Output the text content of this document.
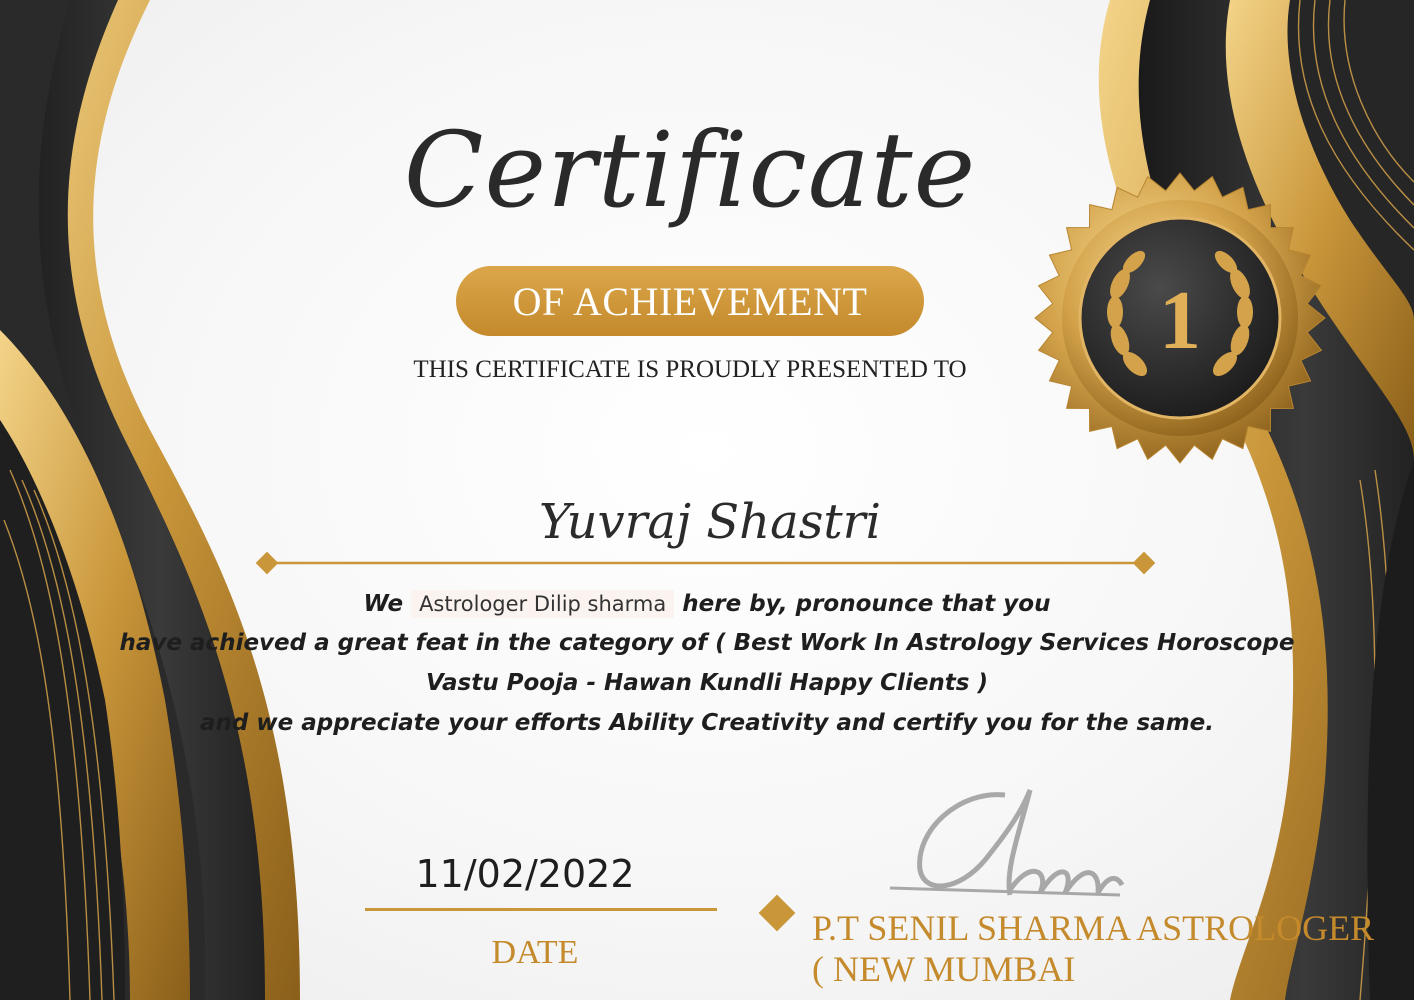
1
Certificate
OF ACHIEVEMENT
THIS CERTIFICATE IS PROUDLY PRESENTED TO
Yuvraj Shastri
We Astrologer Dilip sharma here by, pronounce that you
have achieved a great feat in the category of ( Best Work In Astrology Services Horoscope
Vastu Pooja - Hawan Kundli Happy Clients )
and we appreciate your efforts Ability Creativity and certify you for the same.
11/02/2022
DATE
P.T SENIL SHARMA ASTROLOGER
( NEW MUMBAI
